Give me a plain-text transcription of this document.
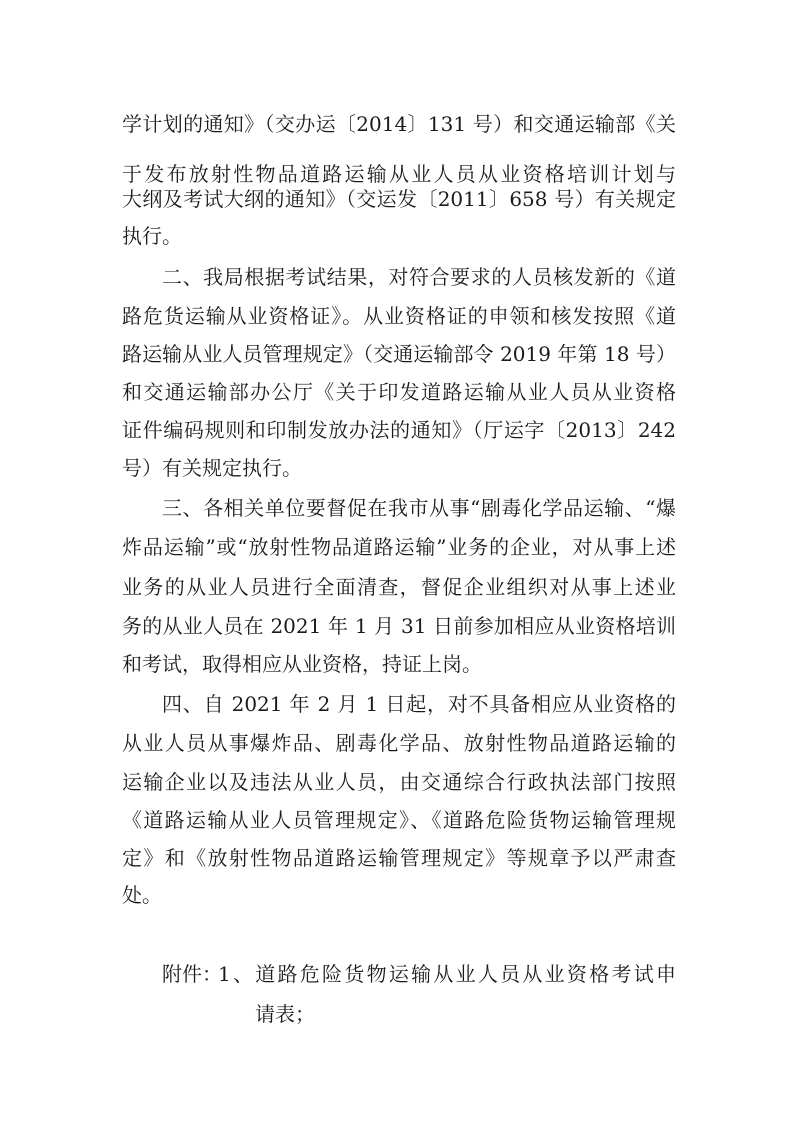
学计划的通知》（交办运〔2014〕131 号）和交通运输部《关
于发布放射性物品道路运输从业人员从业资格培训计划与
大纲及考试大纲的通知》（交运发〔2011〕658 号）有关规定
执行。
二、我局根据考试结果，对符合要求的人员核发新的《道
路危货运输从业资格证》。从业资格证的申领和核发按照《道
路运输从业人员管理规定》（交通运输部令 2019 年第 18 号）
和交通运输部办公厅《关于印发道路运输从业人员从业资格
证件编码规则和印制发放办法的通知》（厅运字〔2013〕242
号）有关规定执行。
三、各相关单位要督促在我市从事“剧毒化学品运输、“爆
炸品运输”或“放射性物品道路运输”业务的企业，对从事上述
业务的从业人员进行全面清查，督促企业组织对从事上述业
务的从业人员在 2021 年 1 月 31 日前参加相应从业资格培训
和考试，取得相应从业资格，持证上岗。
四、自 2021 年 2 月 1 日起，对不具备相应从业资格的
从业人员从事爆炸品、剧毒化学品、放射性物品道路运输的
运输企业以及违法从业人员，由交通综合行政执法部门按照
《道路运输从业人员管理规定》、《道路危险货物运输管理规
定》和《放射性物品道路运输管理规定》等规章予以严肃查
处。
附件：
1、道路危险货物运输从业人员从业资格考试申
请表；
